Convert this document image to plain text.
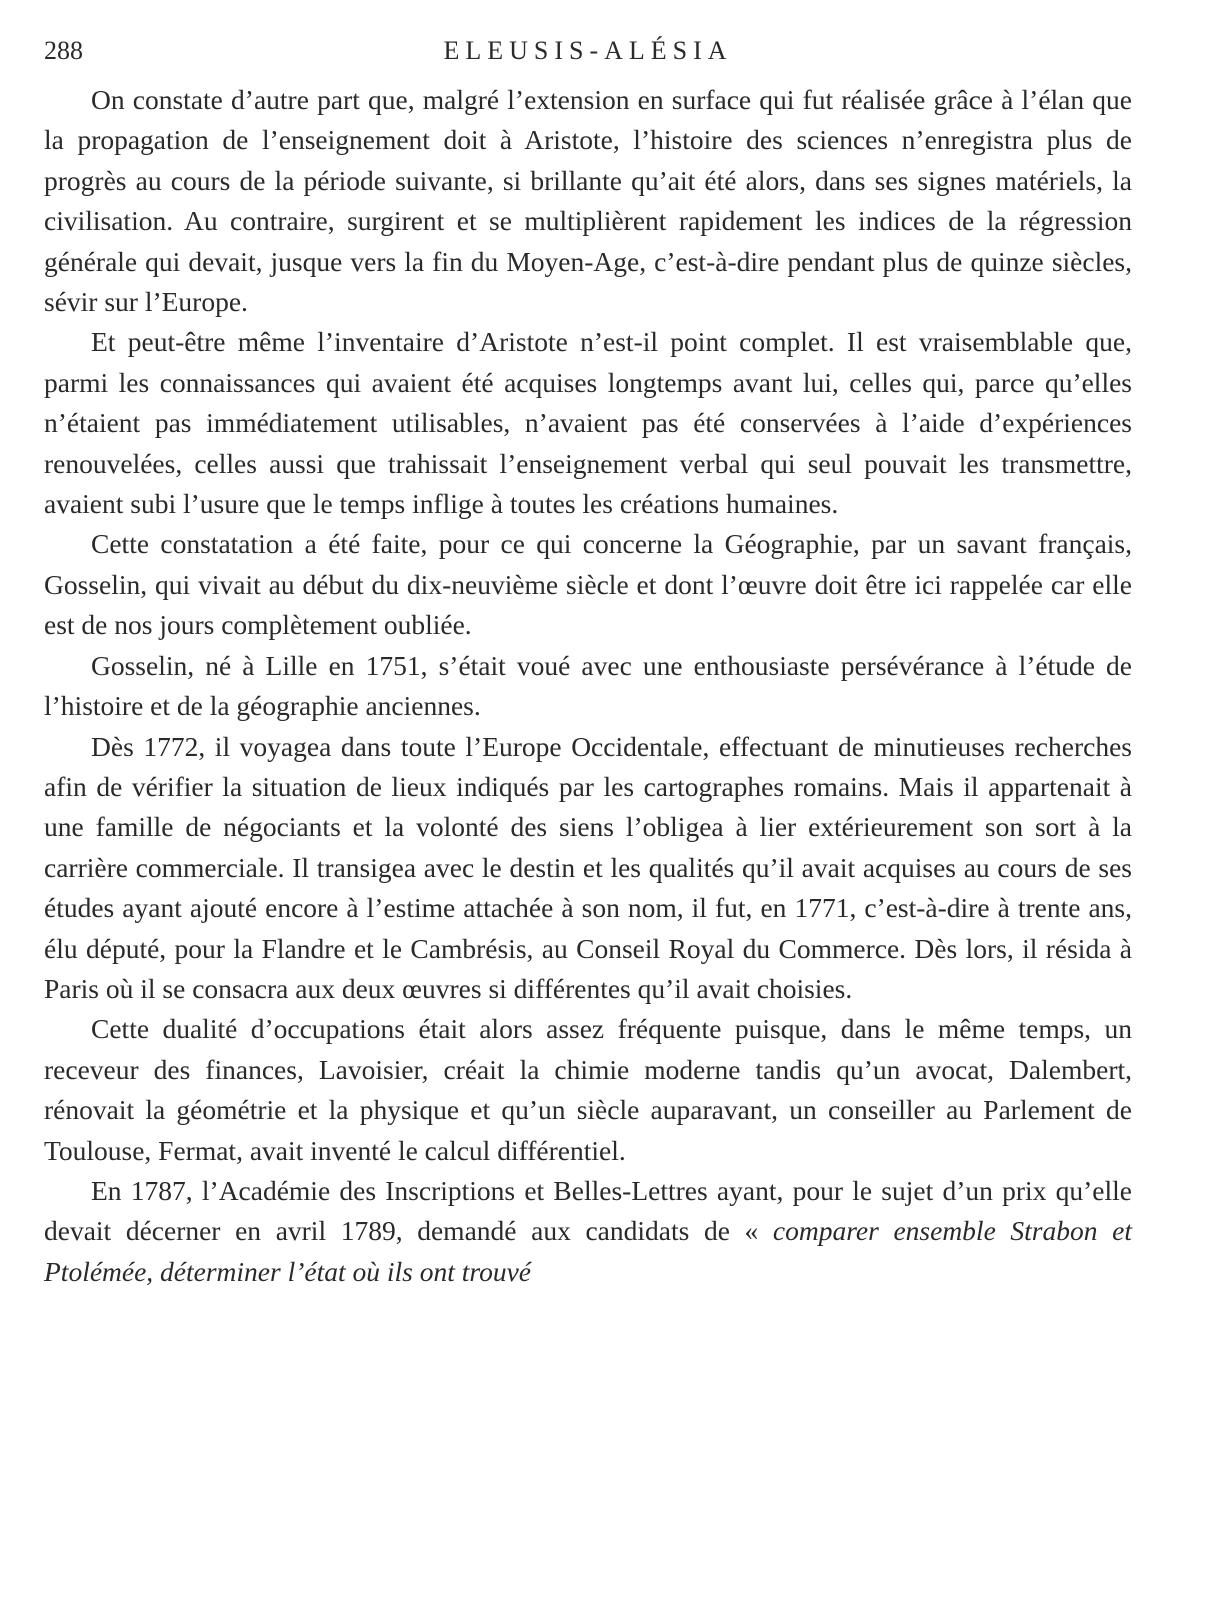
288	ELEUSIS-ALÉSIA

On constate d’autre part que, malgré l’extension en surface qui fut réalisée grâce à l’élan que la propagation de l’enseignement doit à Aristote, l’histoire des sciences n’enregistra plus de progrès au cours de la période suivante, si brillante qu’ait été alors, dans ses signes matériels, la civilisation. Au contraire, surgirent et se multiplièrent rapidement les indices de la régression générale qui devait, jusque vers la fin du Moyen-Age, c’est-à-dire pendant plus de quinze siècles, sévir sur l’Europe.

Et peut-être même l’inventaire d’Aristote n’est-il point complet. Il est vraisemblable que, parmi les connaissances qui avaient été acquises longtemps avant lui, celles qui, parce qu’elles n’étaient pas immédiatement utilisables, n’avaient pas été conservées à l’aide d’expériences renouvelées, celles aussi que trahissait l’enseignement verbal qui seul pouvait les transmettre, avaient subi l’usure que le temps inflige à toutes les créations humaines.

Cette constatation a été faite, pour ce qui concerne la Géographie, par un savant français, Gosselin, qui vivait au début du dix-neuvième siècle et dont l’œuvre doit être ici rappelée car elle est de nos jours complètement oubliée.

Gosselin, né à Lille en 1751, s’était voué avec une enthousiaste persévérance à l’étude de l’histoire et de la géographie anciennes.

Dès 1772, il voyagea dans toute l’Europe Occidentale, effectuant de minutieuses recherches afin de vérifier la situation de lieux indiqués par les cartographes romains. Mais il appartenait à une famille de négociants et la volonté des siens l’obligea à lier extérieurement son sort à la carrière commerciale. Il transigea avec le destin et les qualités qu’il avait acquises au cours de ses études ayant ajouté encore à l’estime attachée à son nom, il fut, en 1771, c’est-à-dire à trente ans, élu député, pour la Flandre et le Cambrésis, au Conseil Royal du Commerce. Dès lors, il résida à Paris où il se consacra aux deux œuvres si différentes qu’il avait choisies.

Cette dualité d’occupations était alors assez fréquente puisque, dans le même temps, un receveur des finances, Lavoisier, créait la chimie moderne tandis qu’un avocat, Dalembert, rénovait la géométrie et la physique et qu’un siècle auparavant, un conseiller au Parlement de Toulouse, Fermat, avait inventé le calcul différentiel.

En 1787, l’Académie des Inscriptions et Belles-Lettres ayant, pour le sujet d’un prix qu’elle devait décerner en avril 1789, demandé aux candidats de « comparer ensemble Strabon et Ptolémée, déterminer l’état où ils ont trouvé
